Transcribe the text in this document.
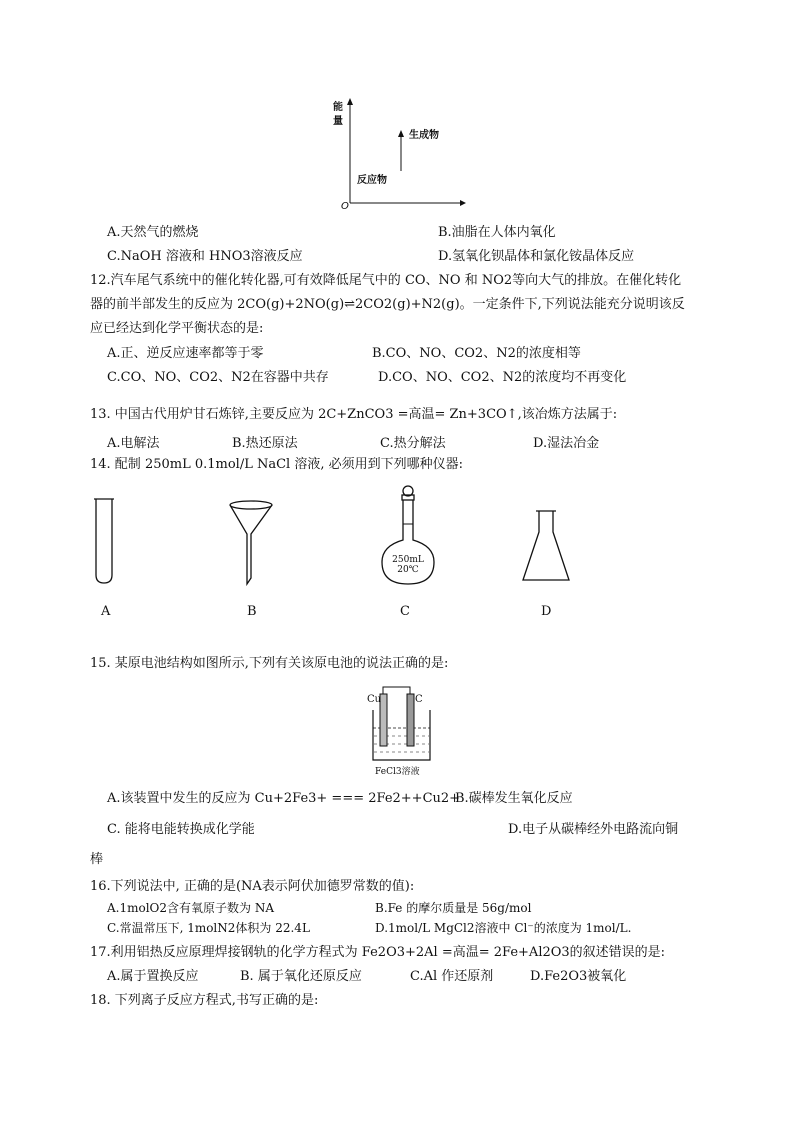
能
量
生成物
反应物
O
A.天然气的燃烧	B.油脂在人体内氧化
C.NaOH 溶液和 HNO3溶液反应	D.氢氧化钡晶体和氯化铵晶体反应
12.汽车尾气系统中的催化转化器,可有效降低尾气中的 CO、NO 和 NO2等向大气的排放。在催化转化
器的前半部发生的反应为 2CO(g)+2NO(g)⇌2CO2(g)+N2(g)。一定条件下,下列说法能充分说明该反
应已经达到化学平衡状态的是:
A.正、逆反应速率都等于零	B.CO、NO、CO2、N2的浓度相等
C.CO、NO、CO2、N2在容器中共存	D.CO、NO、CO2、N2的浓度均不再变化
13. 中国古代用炉甘石炼锌,主要反应为 2C+ZnCO3 =高温= Zn+3CO↑,该冶炼方法属于:
A.电解法	B.热还原法	C.热分解法	D.湿法冶金
14. 配制 250mL 0.1mol/L NaCl 溶液, 必须用到下列哪种仪器:
250mL
20℃
A	B	C	D
15. 某原电池结构如图所示,下列有关该原电池的说法正确的是:
Cu	C
FeCl3溶液
A.该装置中发生的反应为 Cu+2Fe3+ === 2Fe2++Cu2+
B.碳棒发生氧化反应
C. 能将电能转换成化学能	D.电子从碳棒经外电路流向铜
棒
16.下列说法中, 正确的是(NA表示阿伏加德罗常数的值):
A.1molO2含有氧原子数为 NA	B.Fe 的摩尔质量是 56g/mol
C.常温常压下, 1molN2体积为 22.4L	D.1mol/L MgCl2溶液中 Cl⁻的浓度为 1mol/L.
17.利用铝热反应原理焊接钢轨的化学方程式为 Fe2O3+2Al =高温= 2Fe+Al2O3的叙述错误的是:
A.属于置换反应	B. 属于氧化还原反应	C.Al 作还原剂	D.Fe2O3被氧化
18. 下列离子反应方程式,书写正确的是:
